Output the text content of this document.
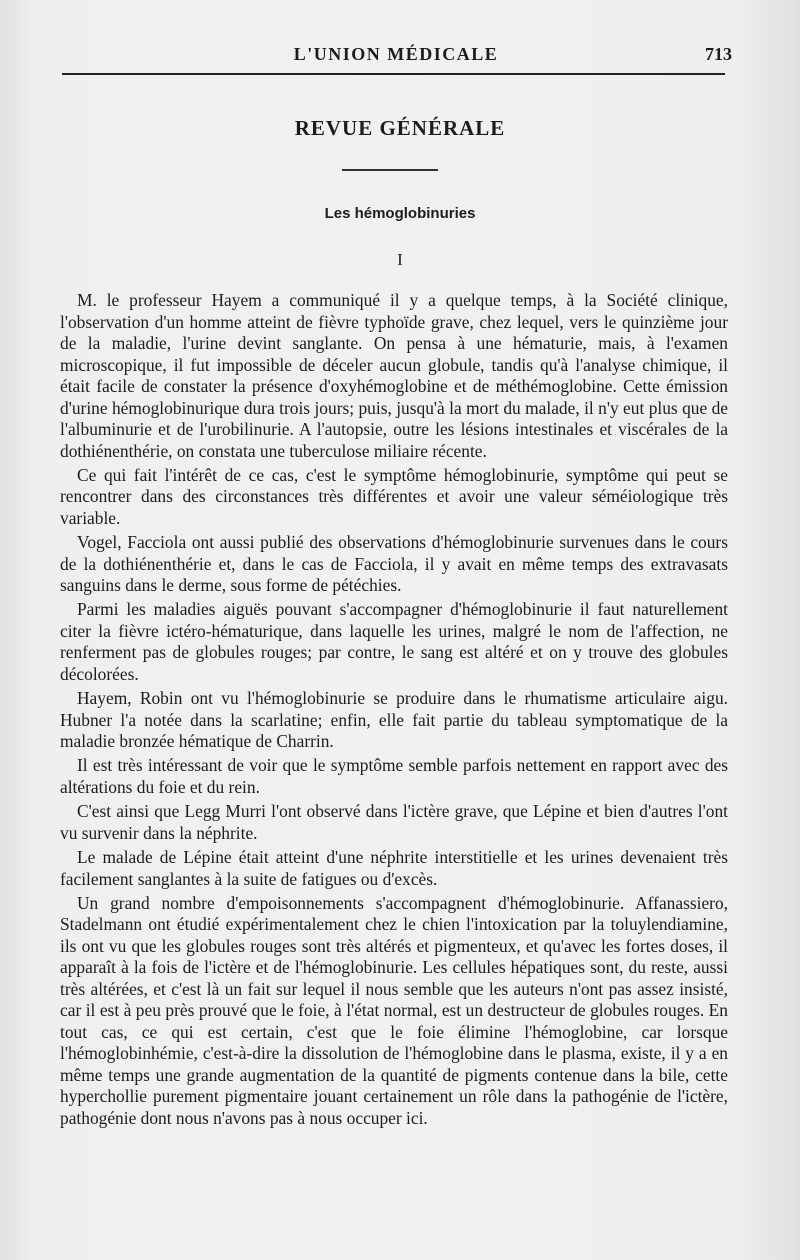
L'UNION MÉDICALE	713
REVUE GÉNÉRALE
Les hémoglobinuries
I

M. le professeur Hayem a communiqué il y a quelque temps, à la Société clinique, l'observation d'un homme atteint de fièvre typhoïde grave, chez lequel, vers le quinzième jour de la maladie, l'urine devint sanglante. On pensa à une hématurie, mais, à l'examen microscopique, il fut impossible de déceler aucun globule, tandis qu'à l'analyse chimique, il était facile de constater la présence d'oxyhémoglobine et de méthémoglobine. Cette émission d'urine hémoglobinurique dura trois jours; puis, jusqu'à la mort du malade, il n'y eut plus que de l'albuminurie et de l'urobilinurie. A l'autopsie, outre les lésions intestinales et viscérales de la dothiénenthérie, on constata une tuberculose miliaire récente.

Ce qui fait l'intérêt de ce cas, c'est le symptôme hémoglobinurie, symptôme qui peut se rencontrer dans des circonstances très différentes et avoir une valeur séméiologique très variable.

Vogel, Facciola ont aussi publié des observations d'hémoglobinurie survenues dans le cours de la dothiénenthérie et, dans le cas de Facciola, il y avait en même temps des extravasats sanguins dans le derme, sous forme de pétéchies.

Parmi les maladies aiguës pouvant s'accompagner d'hémoglobinurie il faut naturellement citer la fièvre ictéro-hématurique, dans laquelle les urines, malgré le nom de l'affection, ne renferment pas de globules rouges; par contre, le sang est altéré et on y trouve des globules décolorées.

Hayem, Robin ont vu l'hémoglobinurie se produire dans le rhumatisme articulaire aigu. Hubner l'a notée dans la scarlatine; enfin, elle fait partie du tableau symptomatique de la maladie bronzée hématique de Charrin.

Il est très intéressant de voir que le symptôme semble parfois nettement en rapport avec des altérations du foie et du rein.

C'est ainsi que Legg Murri l'ont observé dans l'ictère grave, que Lépine et bien d'autres l'ont vu survenir dans la néphrite.

Le malade de Lépine était atteint d'une néphrite interstitielle et les urines devenaient très facilement sanglantes à la suite de fatigues ou d'excès.

Un grand nombre d'empoisonnements s'accompagnent d'hémoglobinurie. Affanassiero, Stadelmann ont étudié expérimentalement chez le chien l'intoxication par la toluylendiamine, ils ont vu que les globules rouges sont très altérés et pigmenteux, et qu'avec les fortes doses, il apparaît à la fois de l'ictère et de l'hémoglobinurie. Les cellules hépatiques sont, du reste, aussi très altérées, et c'est là un fait sur lequel il nous semble que les auteurs n'ont pas assez insisté, car il est à peu près prouvé que le foie, à l'état normal, est un destructeur de globules rouges. En tout cas, ce qui est certain, c'est que le foie élimine l'hémoglobine, car lorsque l'hémoglobinhémie, c'est-à-dire la dissolution de l'hémoglobine dans le plasma, existe, il y a en même temps une grande augmentation de la quantité de pigments contenue dans la bile, cette hyperchollie purement pigmentaire jouant certainement un rôle dans la pathogénie de l'ictère, pathogénie dont nous n'avons pas à nous occuper ici.
